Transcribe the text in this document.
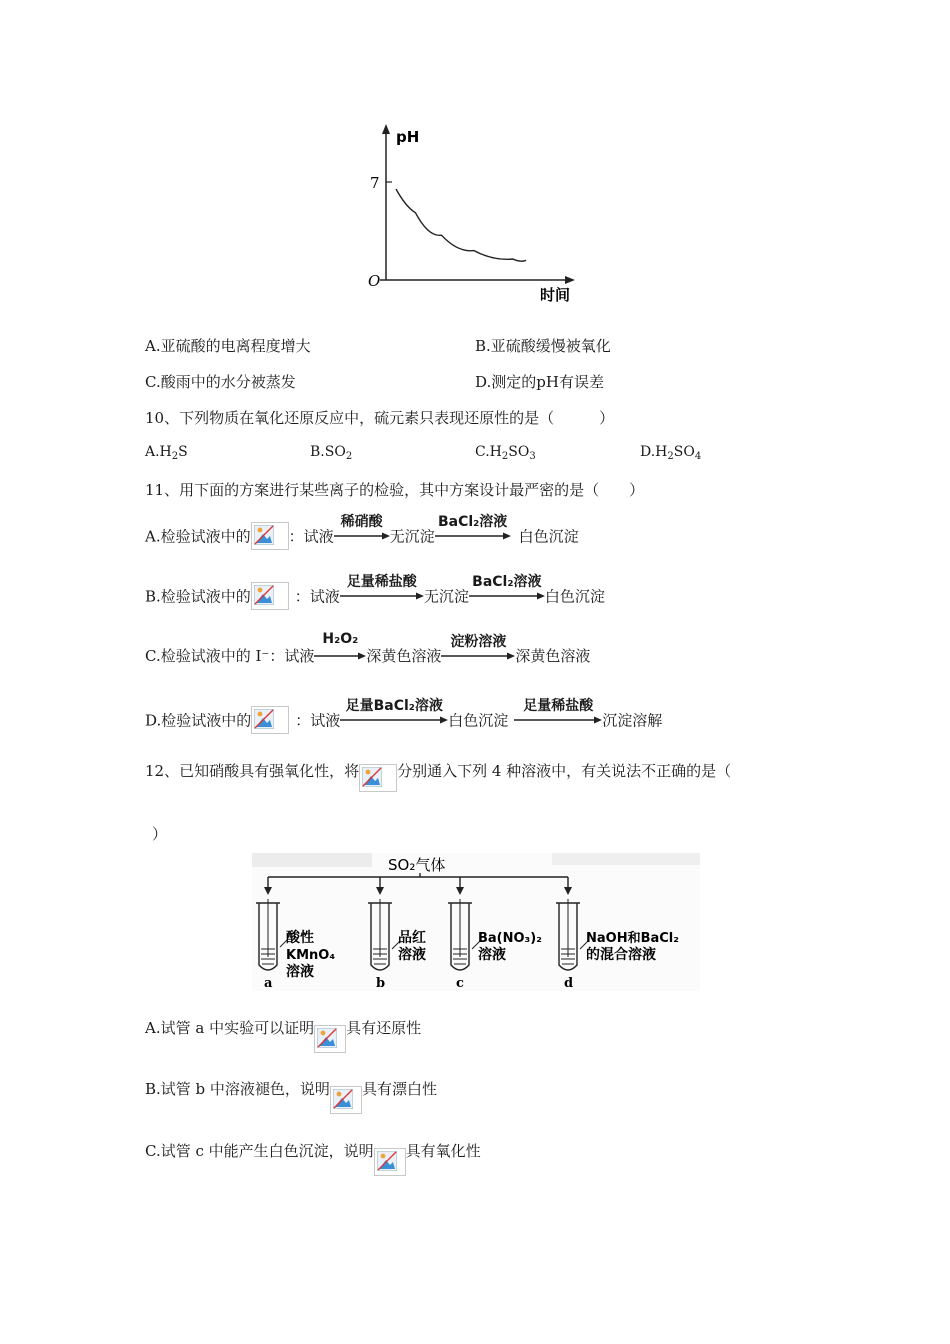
pH
7
O
时间
A.亚硫酸的电离程度增大	B.亚硫酸缓慢被氧化
C.酸雨中的水分被蒸发	D.测定的pH有误差
10、下列物质在氧化还原反应中，硫元素只表现还原性的是（　　　）
$A.H_2S$	$B.SO_2$	$C.H_2SO_3$	$D.H_2SO_4$
11、用下面的方案进行某些离子的检验，其中方案设计最严密的是（　　）
A.检验试液中的	：试液
稀硝酸
无沉淀
BaCl₂溶液
白色沉淀
B.检验试液中的	：试液
足量稀盐酸
无沉淀
BaCl₂溶液
白色沉淀
C.检验试液中的 I⁻：试液
H₂O₂
深黄色溶液
淀粉溶液
深黄色溶液
D.检验试液中的	：试液
足量BaCl₂溶液
白色沉淀
足量稀盐酸
沉淀溶解
12、已知硝酸具有强氧化性，将	分别通入下列 4 种溶液中，有关说法不正确的是（
）
SO₂气体
酸性
KMnO₄
溶液
品红
溶液
Ba(NO₃)₂
溶液
NaOH和BaCl₂
的混合溶液
a	b	c	d
A.试管 a 中实验可以证明 具有还原性
B.试管 b 中溶液褪色，说明 具有漂白性
C.试管 c 中能产生白色沉淀，说明 具有氧化性
